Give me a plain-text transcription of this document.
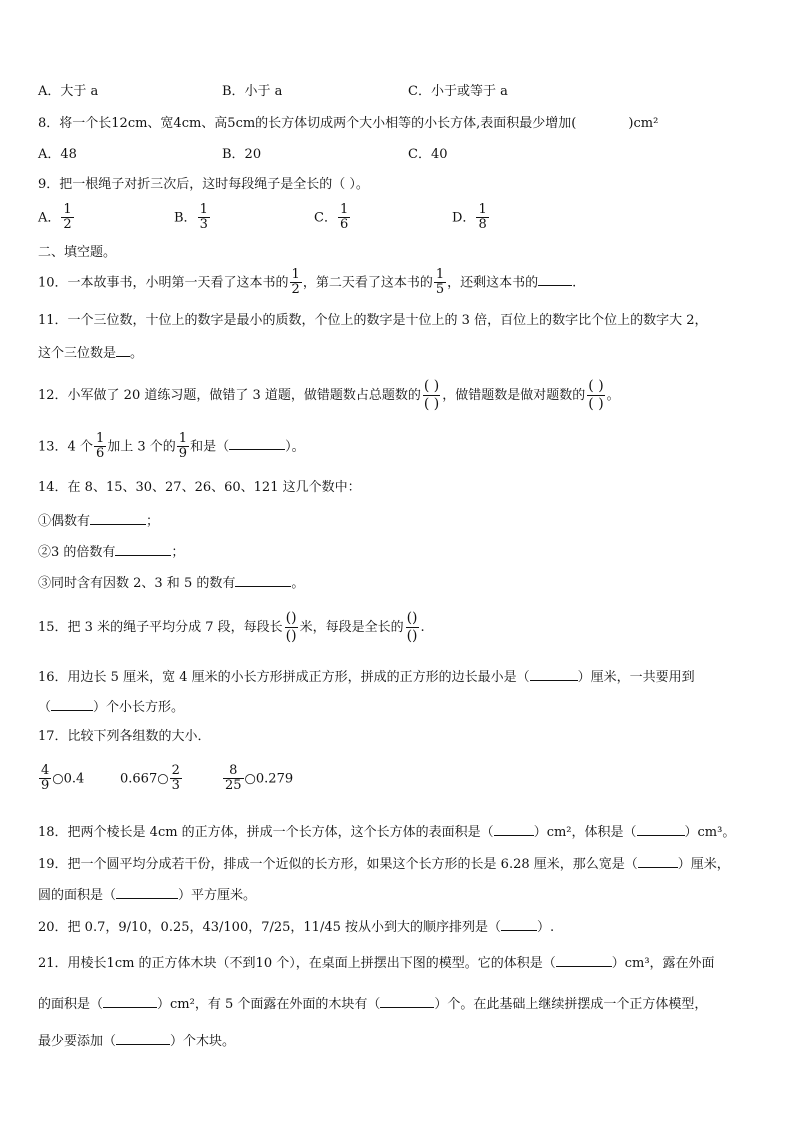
A．大于 a	B．小于 a	C．小于或等于 a
8．将一个长12cm、宽4cm、高5cm的长方体切成两个大小相等的小长方体,表面积最少增加(	)cm²
A．48	B．20	C．40
9．把一根绳子对折三次后，这时每段绳子是全长的（ ）。
A． $\frac{1}{2}$	B． $\frac{1}{3}$	C． $\frac{1}{6}$	D． $\frac{1}{8}$
二、填空题。
10．一本故事书，小明第一天看了这本书的 $\frac{1}{2}$ ，第二天看了这本书的 $\frac{1}{5}$ ，还剩这本书的	.
11．一个三位数，十位上的数字是最小的质数，个位上的数字是十位上的 3 倍，百位上的数字比个位上的数字大 2，
这个三位数是 。
12．小军做了 20 道练习题，做错了 3 道题，做错题数占总题数的
( )
( )
，做错题数是做对题数的
( )
( )
。
13．4 个 $\frac{1}{6}$ 加上 3 个的 $\frac{1}{9}$ 和是（	）。
14．在 8、15、30、27、26、60、121 这几个数中：
①偶数有	；
②3 的倍数有	；
③同时含有因数 2、3 和 5 的数有	。
15．把 3 米的绳子平均分成 7 段，每段长
()
()
米，每段是全长的
()
()
.
16．用边长 5 厘米，宽 4 厘米的小长方形拼成正方形，拼成的正方形的边长最小是（	）厘米，一共要用到
（	）个小长方形。
17．比较下列各组数的大小．
$\frac{4}{9}$ ○0.4	0.667○ $\frac{2}{3}$	$\frac{8}{25}$ ○0.279
18．把两个棱长是 4cm 的正方体，拼成一个长方体，这个长方体的表面积是（	）cm²，体积是（	）cm³。
19．把一个圆平均分成若干份，排成一个近似的长方形，如果这个长方形的长是 6.28 厘米，那么宽是（	）厘米，
圆的面积是（	）平方厘米。
20．把 0.7，9/10，0.25，43/100，7/25，11/45 按从小到大的顺序排列是（	）.
21．用棱长1cm 的正方体木块（不到10 个），在桌面上拼摆出下图的模型。它的体积是（	）cm³，露在外面
的面积是（	）cm²，有 5 个面露在外面的木块有（	）个。在此基础上继续拼摆成一个正方体模型，
最少要添加（	）个木块。
